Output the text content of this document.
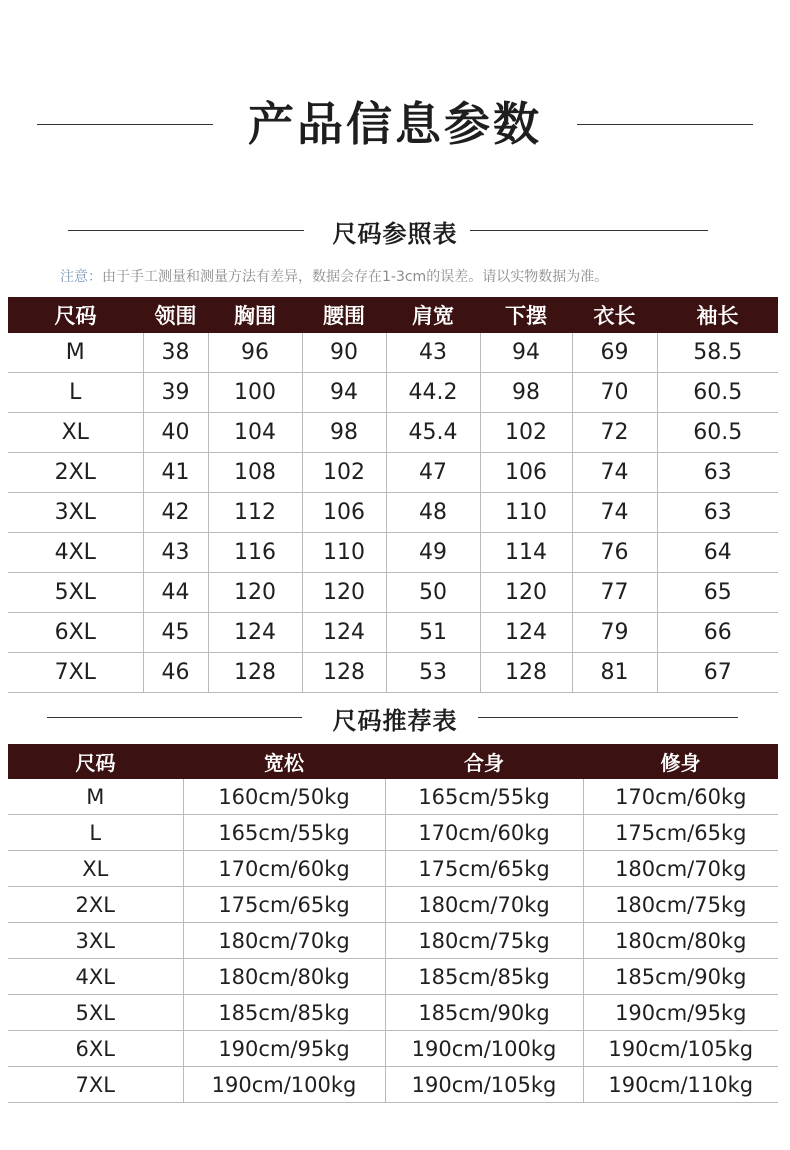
产品信息参数
尺码参照表
注意：由于手工测量和测量方法有差异，数据会存在1-3cm的误差。请以实物数据为准。
尺码	领围	胸围	腰围	肩宽	下摆	衣长	袖长
M	38	96	90	43	94	69	58.5
L	39	100	94	44.2	98	70	60.5
XL	40	104	98	45.4	102	72	60.5
2XL	41	108	102	47	106	74	63
3XL	42	112	106	48	110	74	63
4XL	43	116	110	49	114	76	64
5XL	44	120	120	50	120	77	65
6XL	45	124	124	51	124	79	66
7XL	46	128	128	53	128	81	67
尺码推荐表
尺码	宽松	合身	修身
M	160cm/50kg	165cm/55kg	170cm/60kg
L	165cm/55kg	170cm/60kg	175cm/65kg
XL	170cm/60kg	175cm/65kg	180cm/70kg
2XL	175cm/65kg	180cm/70kg	180cm/75kg
3XL	180cm/70kg	180cm/75kg	180cm/80kg
4XL	180cm/80kg	185cm/85kg	185cm/90kg
5XL	185cm/85kg	185cm/90kg	190cm/95kg
6XL	190cm/95kg	190cm/100kg	190cm/105kg
7XL	190cm/100kg	190cm/105kg	190cm/110kg
